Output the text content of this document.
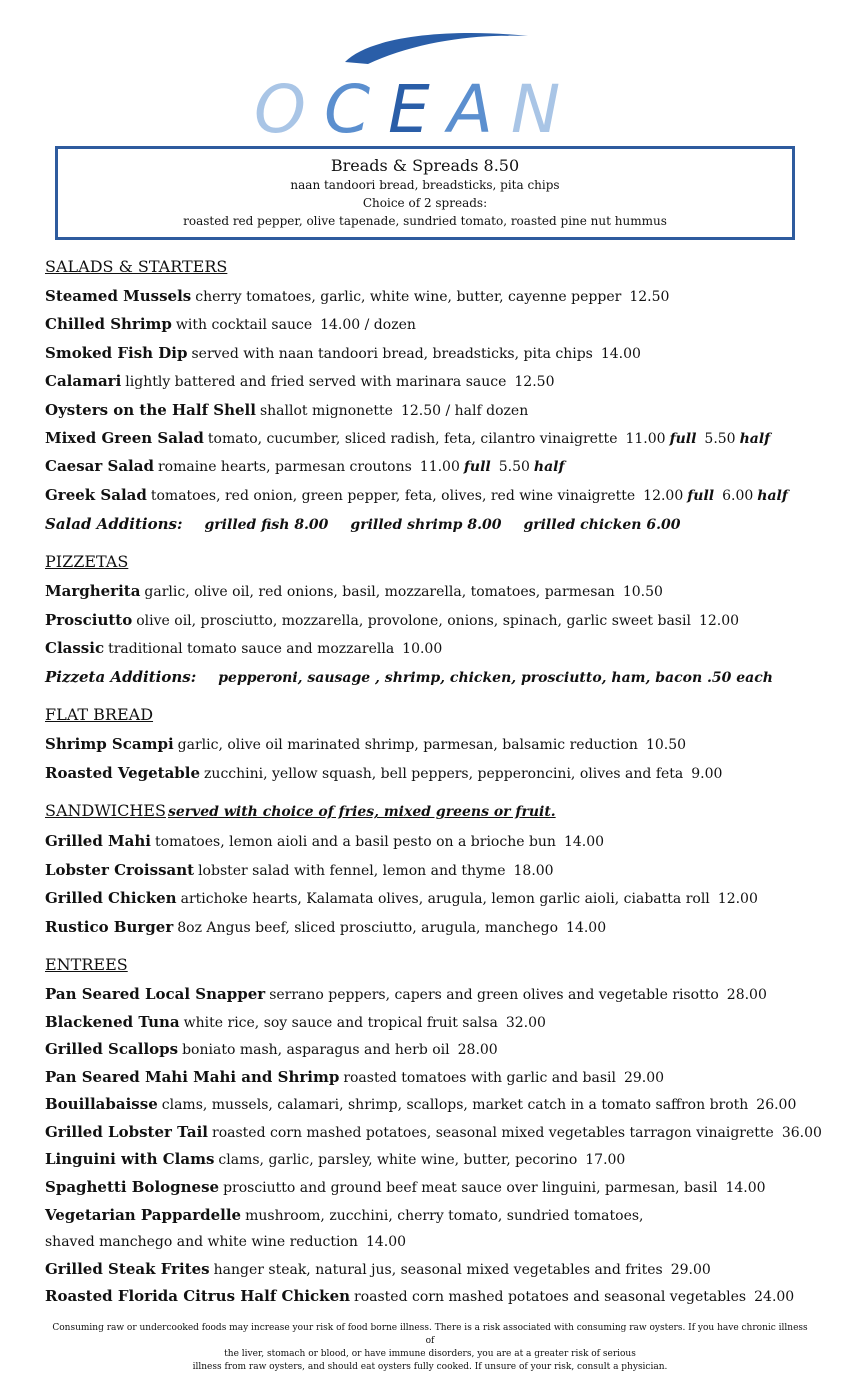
OCEAN
Breads & Spreads 8.50
naan tandoori bread, breadsticks, pita chips
Choice of 2 spreads:
roasted red pepper, olive tapenade, sundried tomato, roasted pine nut hummus
SALADS & STARTERS
Steamed Mussels cherry tomatoes, garlic, white wine, butter, cayenne pepper 12.50
Chilled Shrimp with cocktail sauce 14.00 / dozen
Smoked Fish Dip served with naan tandoori bread, breadsticks, pita chips 14.00
Calamari lightly battered and fried served with marinara sauce 12.50
Oysters on the Half Shell shallot mignonette 12.50 / half dozen
Mixed Green Salad tomato, cucumber, sliced radish, feta, cilantro vinaigrette 11.00 full 5.50 half
Caesar Salad romaine hearts, parmesan croutons 11.00 full 5.50 half
Greek Salad tomatoes, red onion, green pepper, feta, olives, red wine vinaigrette 12.00 full 6.00 half
Salad Additions: grilled fish 8.00 grilled shrimp 8.00 grilled chicken 6.00
PIZZETAS
Margherita garlic, olive oil, red onions, basil, mozzarella, tomatoes, parmesan 10.50
Prosciutto olive oil, prosciutto, mozzarella, provolone, onions, spinach, garlic sweet basil 12.00
Classic traditional tomato sauce and mozzarella 10.00
Pizzeta Additions: pepperoni, sausage , shrimp, chicken, prosciutto, ham, bacon .50 each
FLAT BREAD
Shrimp Scampi garlic, olive oil marinated shrimp, parmesan, balsamic reduction 10.50
Roasted Vegetable zucchini, yellow squash, bell peppers, pepperoncini, olives and feta 9.00
SANDWICHES served with choice of fries, mixed greens or fruit.
Grilled Mahi tomatoes, lemon aioli and a basil pesto on a brioche bun 14.00
Lobster Croissant lobster salad with fennel, lemon and thyme 18.00
Grilled Chicken artichoke hearts, Kalamata olives, arugula, lemon garlic aioli, ciabatta roll 12.00
Rustico Burger 8oz Angus beef, sliced prosciutto, arugula, manchego 14.00
ENTREES
Pan Seared Local Snapper serrano peppers, capers and green olives and vegetable risotto 28.00
Blackened Tuna white rice, soy sauce and tropical fruit salsa 32.00
Grilled Scallops boniato mash, asparagus and herb oil 28.00
Pan Seared Mahi Mahi and Shrimp roasted tomatoes with garlic and basil 29.00
Bouillabaisse clams, mussels, calamari, shrimp, scallops, market catch in a tomato saffron broth 26.00
Grilled Lobster Tail roasted corn mashed potatoes, seasonal mixed vegetables tarragon vinaigrette 36.00
Linguini with Clams clams, garlic, parsley, white wine, butter, pecorino 17.00
Spaghetti Bolognese prosciutto and ground beef meat sauce over linguini, parmesan, basil 14.00
Vegetarian Pappardelle mushroom, zucchini, cherry tomato, sundried tomatoes,
shaved manchego and white wine reduction 14.00
Grilled Steak Frites hanger steak, natural jus, seasonal mixed vegetables and frites 29.00
Roasted Florida Citrus Half Chicken roasted corn mashed potatoes and seasonal vegetables 24.00
Consuming raw or undercooked foods may increase your risk of food borne illness. There is a risk associated with consuming raw oysters. If you have chronic illness of
the liver, stomach or blood, or have immune disorders, you are at a greater risk of serious
illness from raw oysters, and should eat oysters fully cooked. If unsure of your risk, consult a physician.
